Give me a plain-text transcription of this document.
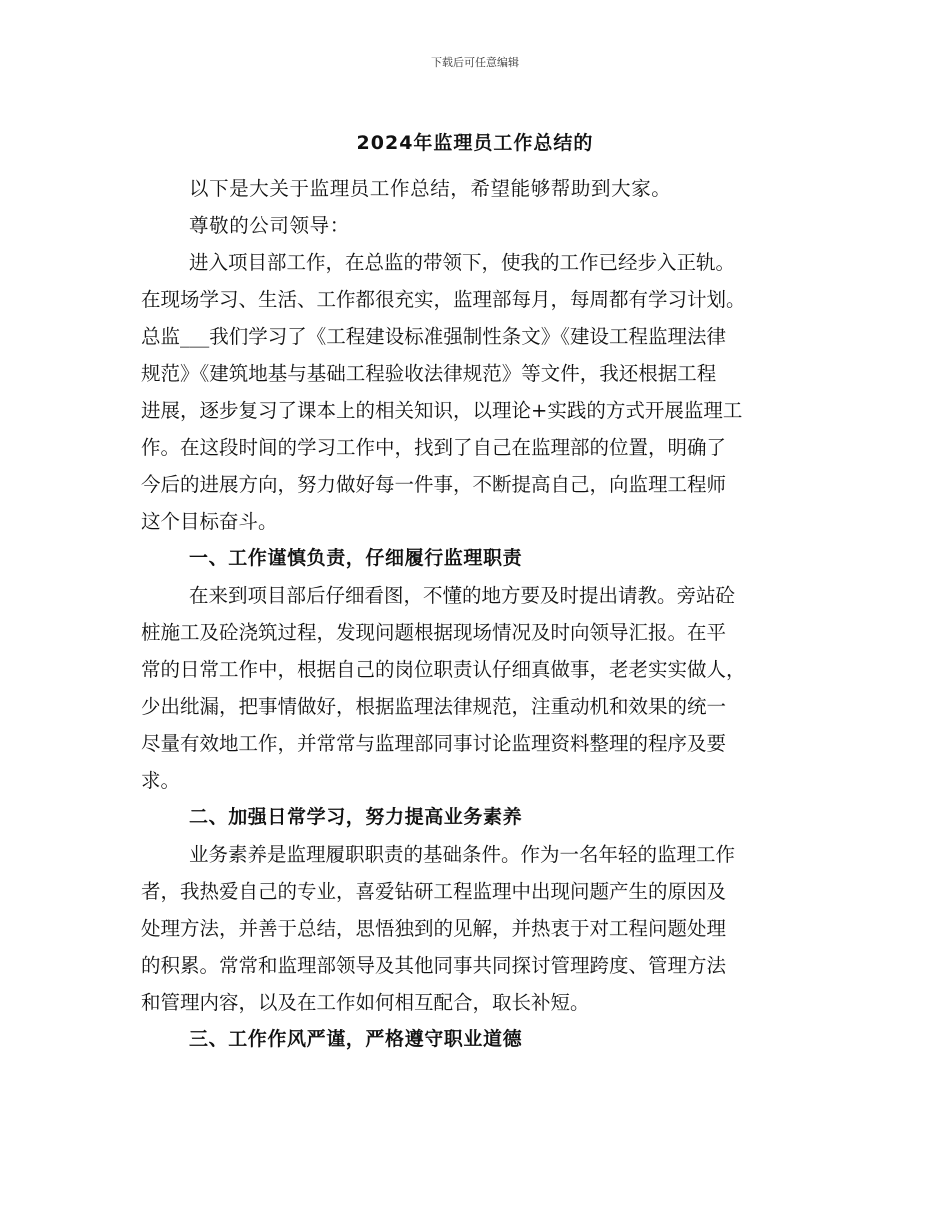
下载后可任意编辑
2024年监理员工作总结的

以下是大关于监理员工作总结，希望能够帮助到大家。

尊敬的公司领导：

进入项目部工作，在总监的带领下，使我的工作已经步入正轨。
在现场学习、生活、工作都很充实，监理部每月，每周都有学习计划。
总监___我们学习了《工程建设标准强制性条文》《建设工程监理法律
规范》《建筑地基与基础工程验收法律规范》等文件，我还根据工程
进展，逐步复习了课本上的相关知识，以理论+实践的方式开展监理工
作。在这段时间的学习工作中，找到了自己在监理部的位置，明确了
今后的进展方向，努力做好每一件事，不断提高自己，向监理工程师
这个目标奋斗。

一、工作谨慎负责，仔细履行监理职责

在来到项目部后仔细看图，不懂的地方要及时提出请教。旁站砼
桩施工及砼浇筑过程，发现问题根据现场情况及时向领导汇报。在平
常的日常工作中，根据自己的岗位职责认仔细真做事，老老实实做人，
少出纰漏，把事情做好，根据监理法律规范，注重动机和效果的统一
尽量有效地工作，并常常与监理部同事讨论监理资料整理的程序及要
求。

二、加强日常学习，努力提高业务素养

业务素养是监理履职职责的基础条件。作为一名年轻的监理工作
者，我热爱自己的专业，喜爱钻研工程监理中出现问题产生的原因及
处理方法，并善于总结，思悟独到的见解，并热衷于对工程问题处理
的积累。常常和监理部领导及其他同事共同探讨管理跨度、管理方法
和管理内容，以及在工作如何相互配合，取长补短。

三、工作作风严谨，严格遵守职业道德
